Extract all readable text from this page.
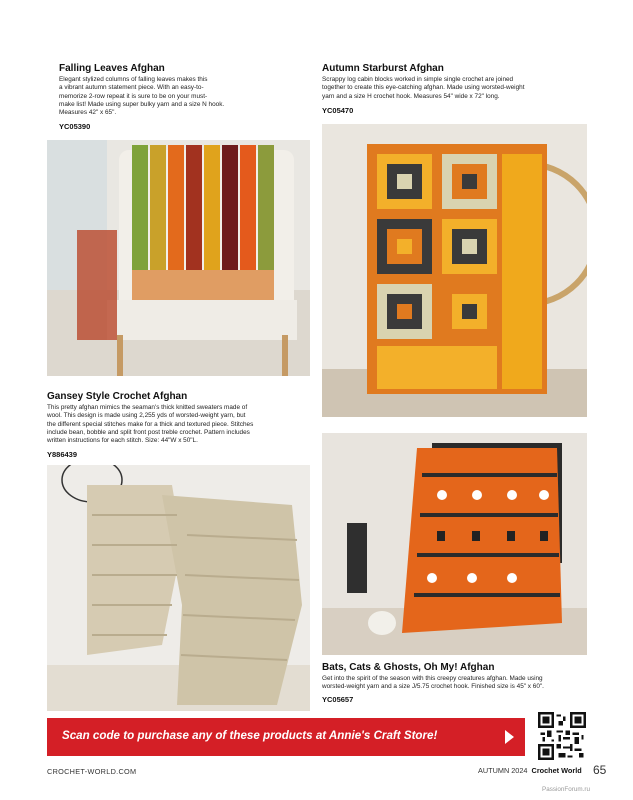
Falling Leaves Afghan
Elegant stylized columns of falling leaves makes this
a vibrant autumn statement piece. With an easy-to-
memorize 2-row repeat it is sure to be on your must-
make list! Made using super bulky yarn and a size N hook.
Measures 42" x 65".
YC05390
Autumn Starburst Afghan
Scrappy log cabin blocks worked in simple single crochet are joined
together to create this eye-catching afghan. Made using worsted-weight
yarn and a size H crochet hook. Measures 54" wide x 72" long.
YC05470
Gansey Style Crochet Afghan
This pretty afghan mimics the seaman's thick knitted sweaters made of
wool. This design is made using 2,255 yds of worsted-weight yarn, but
the different special stitches make for a thick and textured piece. Stitches
include bean, bobble and split front post treble crochet. Pattern includes
written instructions for each stitch. Size: 44"W x 50"L.
Y886439
Bats, Cats & Ghosts, Oh My! Afghan
Get into the spirit of the season with this creepy creatures afghan. Made using
worsted-weight yarn and a size J/5.75 crochet hook. Finished size is 45" x 60".
YC05657
Scan code to purchase any of these products at Annie's Craft Store!
CROCHET-WORLD.COM	AUTUMN 2024 Crochet World 65
PassionForum.ru
